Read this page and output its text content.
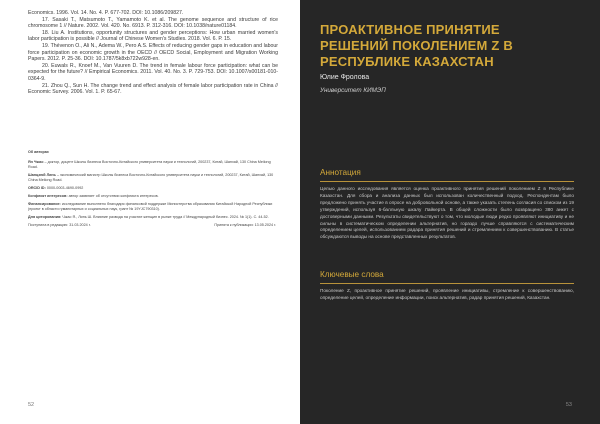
Economics. 1996. Vol. 14. No. 4. P. 677-702. DOI: 10.1086/209827.

17. Sasaki T., Matsumoto T., Yamamoto K. et al. The genome sequence and structure of rice chromosome 1 // Nature. 2002. Vol. 420. No. 6913. P. 312-316. DOI: 10.1038/nature01184.

18. Liu A. Institutions, opportunity structures and gender perceptions: How urban married women's labor participation is possible // Journal of Chinese Women's Studies. 2018. Vol. 6. P. 15.

19. Thévenon O., Ali N., Adema W., Pero A.S. Effects of reducing gender gaps in education and labour force participation on economic growth in the OECD // OECD Social, Employment and Migration Working Papers. 2012. P. 25-36. DOI: 10.1787/5k8xb722w928-en.

20. Euwals R., Knoef M., Van Vuuren D. The trend in female labour force participation: what can be expected for the future? // Empirical Economics. 2011. Vol. 40. No. 3. P. 729-753. DOI: 10.1007/s00181-010-0364-9.

21. Zhou Q., Sun H. The change trend and effect analysis of female labor participation rate in China // Economic Survey. 2006. Vol. 1. P. 65-67.

Об авторах

Ян Чжао – доктор, доцент Школы бизнеса Восточно-Китайского университета науки и технологий, 200237, Китай, Шанхай, 130 China Meilong Road.

Шанцзюй Линь – экономический магистр Школы бизнеса Восточно-Китайского университета науки и технологий, 200237, Китай, Шанхай, 130 China Meilong Road.

ORCID ID: 0000-0003-4690-0992

Конфликт интересов: автор заявляет об отсутствии конфликта интересов.

Финансирование: исследование выполнено благодаря финансовой поддержке Министерства образования Китайской Народной Республики (проект в области гуманитарных и социальных наук, грант № 19YJC790310).

Для цитирования: Чжао Я., Линь Ш. Влияние развода на участие женщин в рынке труда // Международный бизнес. 2024. № 1(1). С. 44-52.

Поступила в редакцию: 31.03.2024 г.	Принята к публикации: 13.05.2024 г.
52
ПРОАКТИВНОЕ ПРИНЯТИЕ РЕШЕНИЙ ПОКОЛЕНИЕМ Z В РЕСПУБЛИКЕ КАЗАХСТАН
Юлие Фролова
Университет КИМЭП
Аннотация

Целью данного исследования является оценка проактивного принятия решений поколением Z в Республике Казахстан. Для сбора и анализа данных был использован количественный подход. Респондентам было предложено принять участие в опросе на добровольной основе, а также указать степень согласия со списком из 19 утверждений, используя 6-балльную шкалу Лайкерта. В общей сложности было возвращено 380 анкет с достоверными данными. Результаты свидетельствуют о том, что молодые люди редко проявляют инициативу и не сильны в систематическом определении альтернатив, но гораздо лучше справляются с систематическим определением целей, использованием радара принятия решений и стремлением к совершенствованию. В статье обсуждаются выводы на основе представленных результатов.

Ключевые слова

Поколение Z, проактивное принятие решений, проявление инициативы, стремление к совершенствованию, определение целей, определение информации, поиск альтернатив, радар принятия решений, Казахстан.

53
